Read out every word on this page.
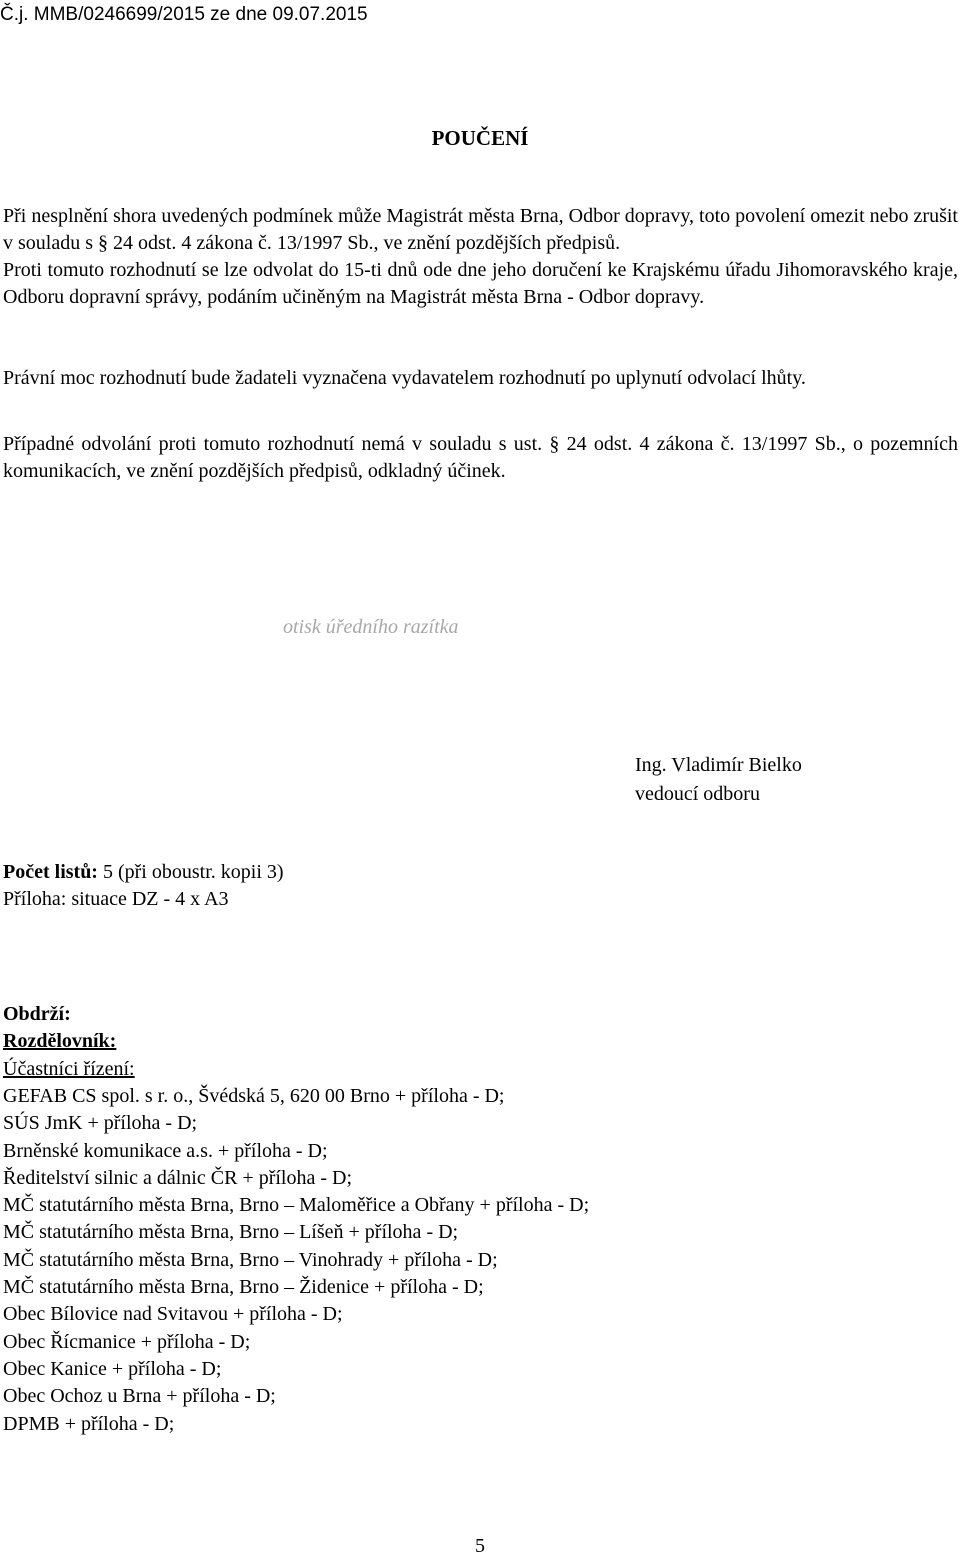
Č.j. MMB/0246699/2015 ze dne 09.07.2015
POUČENÍ
Při nesplnění shora uvedených podmínek může Magistrát města Brna, Odbor dopravy, toto povolení omezit nebo zrušit v souladu s § 24 odst. 4 zákona č. 13/1997 Sb., ve znění pozdějších předpisů.
Proti tomuto rozhodnutí se lze odvolat do 15-ti dnů ode dne jeho doručení ke Krajskému úřadu Jihomoravského kraje, Odboru dopravní správy, podáním učiněným na Magistrát města Brna - Odbor dopravy.
Právní moc rozhodnutí bude žadateli vyznačena vydavatelem rozhodnutí po uplynutí odvolací lhůty.
Případné odvolání proti tomuto rozhodnutí nemá v souladu s ust. § 24 odst. 4 zákona č. 13/1997 Sb., o pozemních komunikacích, ve znění pozdějších předpisů, odkladný účinek.
otisk úředního razítka
Ing. Vladimír Bielko
vedoucí odboru
Počet listů: 5 (při oboustr. kopii 3)
Příloha: situace DZ - 4 x A3
Obdrží:
Rozdělovník:
Účastníci řízení:
GEFAB CS spol. s r. o., Švédská 5, 620 00 Brno + příloha - D;
SÚS JmK + příloha - D;
Brněnské komunikace a.s. + příloha - D;
Ředitelství silnic a dálnic ČR + příloha - D;
MČ statutárního města Brna, Brno – Maloměřice a Obřany + příloha - D;
MČ statutárního města Brna, Brno – Líšeň + příloha - D;
MČ statutárního města Brna, Brno – Vinohrady + příloha - D;
MČ statutárního města Brna, Brno – Židenice + příloha - D;
Obec Bílovice nad Svitavou + příloha - D;
Obec Řícmanice + příloha - D;
Obec Kanice + příloha - D;
Obec Ochoz u Brna + příloha - D;
DPMB + příloha - D;
5
